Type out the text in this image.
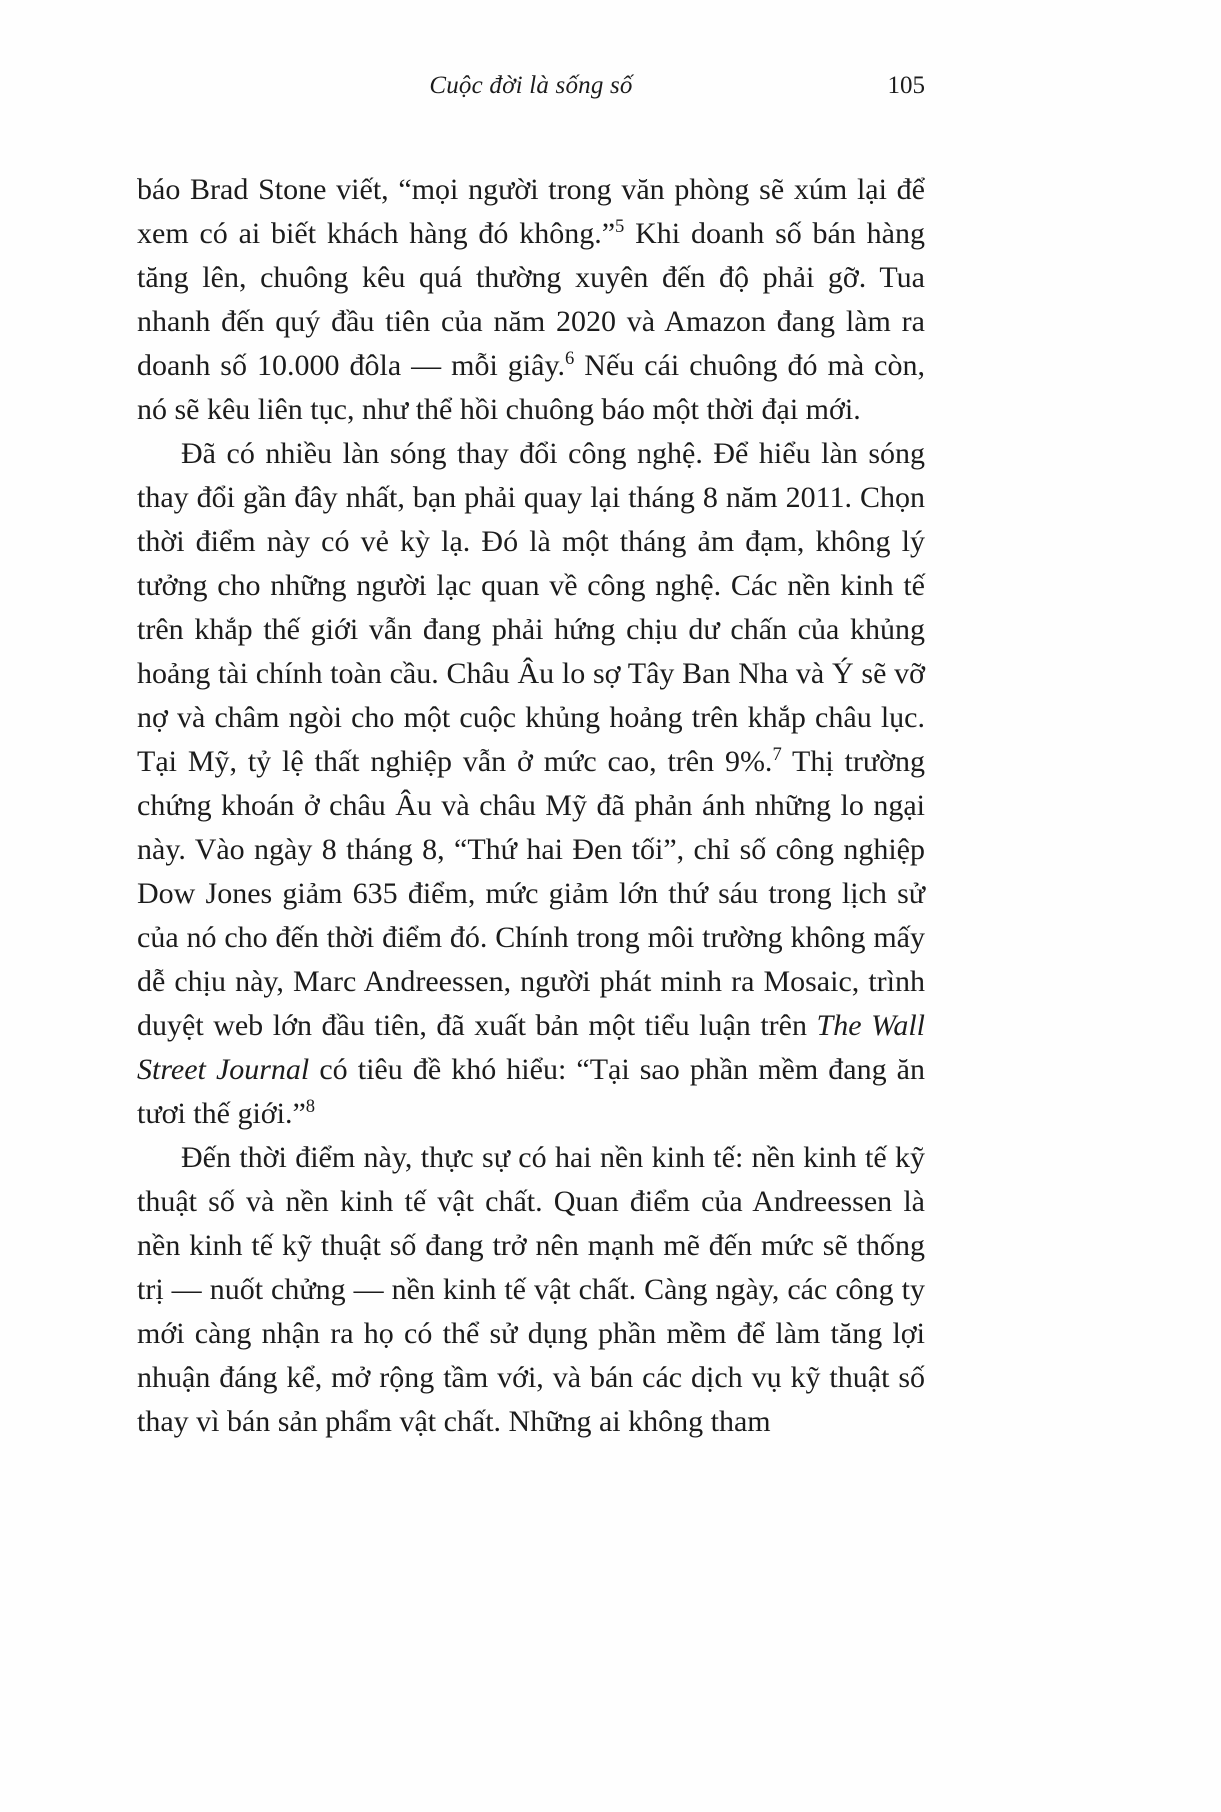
Cuộc đời là sống số	105

báo Brad Stone viết, “mọi người trong văn phòng sẽ xúm lại để xem có ai biết khách hàng đó không.”$^5$ Khi doanh số bán hàng tăng lên, chuông kêu quá thường xuyên đến độ phải gỡ. Tua nhanh đến quý đầu tiên của năm 2020 và Amazon đang làm ra doanh số 10.000 đôla — mỗi giây.$^6$ Nếu cái chuông đó mà còn, nó sẽ kêu liên tục, như thể hồi chuông báo một thời đại mới.

Đã có nhiều làn sóng thay đổi công nghệ. Để hiểu làn sóng thay đổi gần đây nhất, bạn phải quay lại tháng 8 năm 2011. Chọn thời điểm này có vẻ kỳ lạ. Đó là một tháng ảm đạm, không lý tưởng cho những người lạc quan về công nghệ. Các nền kinh tế trên khắp thế giới vẫn đang phải hứng chịu dư chấn của khủng hoảng tài chính toàn cầu. Châu Âu lo sợ Tây Ban Nha và Ý sẽ vỡ nợ và châm ngòi cho một cuộc khủng hoảng trên khắp châu lục. Tại Mỹ, tỷ lệ thất nghiệp vẫn ở mức cao, trên 9%.$^7$ Thị trường chứng khoán ở châu Âu và châu Mỹ đã phản ánh những lo ngại này. Vào ngày 8 tháng 8, “Thứ hai Đen tối”, chỉ số công nghiệp Dow Jones giảm 635 điểm, mức giảm lớn thứ sáu trong lịch sử của nó cho đến thời điểm đó. Chính trong môi trường không mấy dễ chịu này, Marc Andreessen, người phát minh ra Mosaic, trình duyệt web lớn đầu tiên, đã xuất bản một tiểu luận trên The Wall Street Journal có tiêu đề khó hiểu: “Tại sao phần mềm đang ăn tươi thế giới.”$^8$

Đến thời điểm này, thực sự có hai nền kinh tế: nền kinh tế kỹ thuật số và nền kinh tế vật chất. Quan điểm của Andreessen là nền kinh tế kỹ thuật số đang trở nên mạnh mẽ đến mức sẽ thống trị — nuốt chửng — nền kinh tế vật chất. Càng ngày, các công ty mới càng nhận ra họ có thể sử dụng phần mềm để làm tăng lợi nhuận đáng kể, mở rộng tầm với, và bán các dịch vụ kỹ thuật số thay vì bán sản phẩm vật chất. Những ai không tham
